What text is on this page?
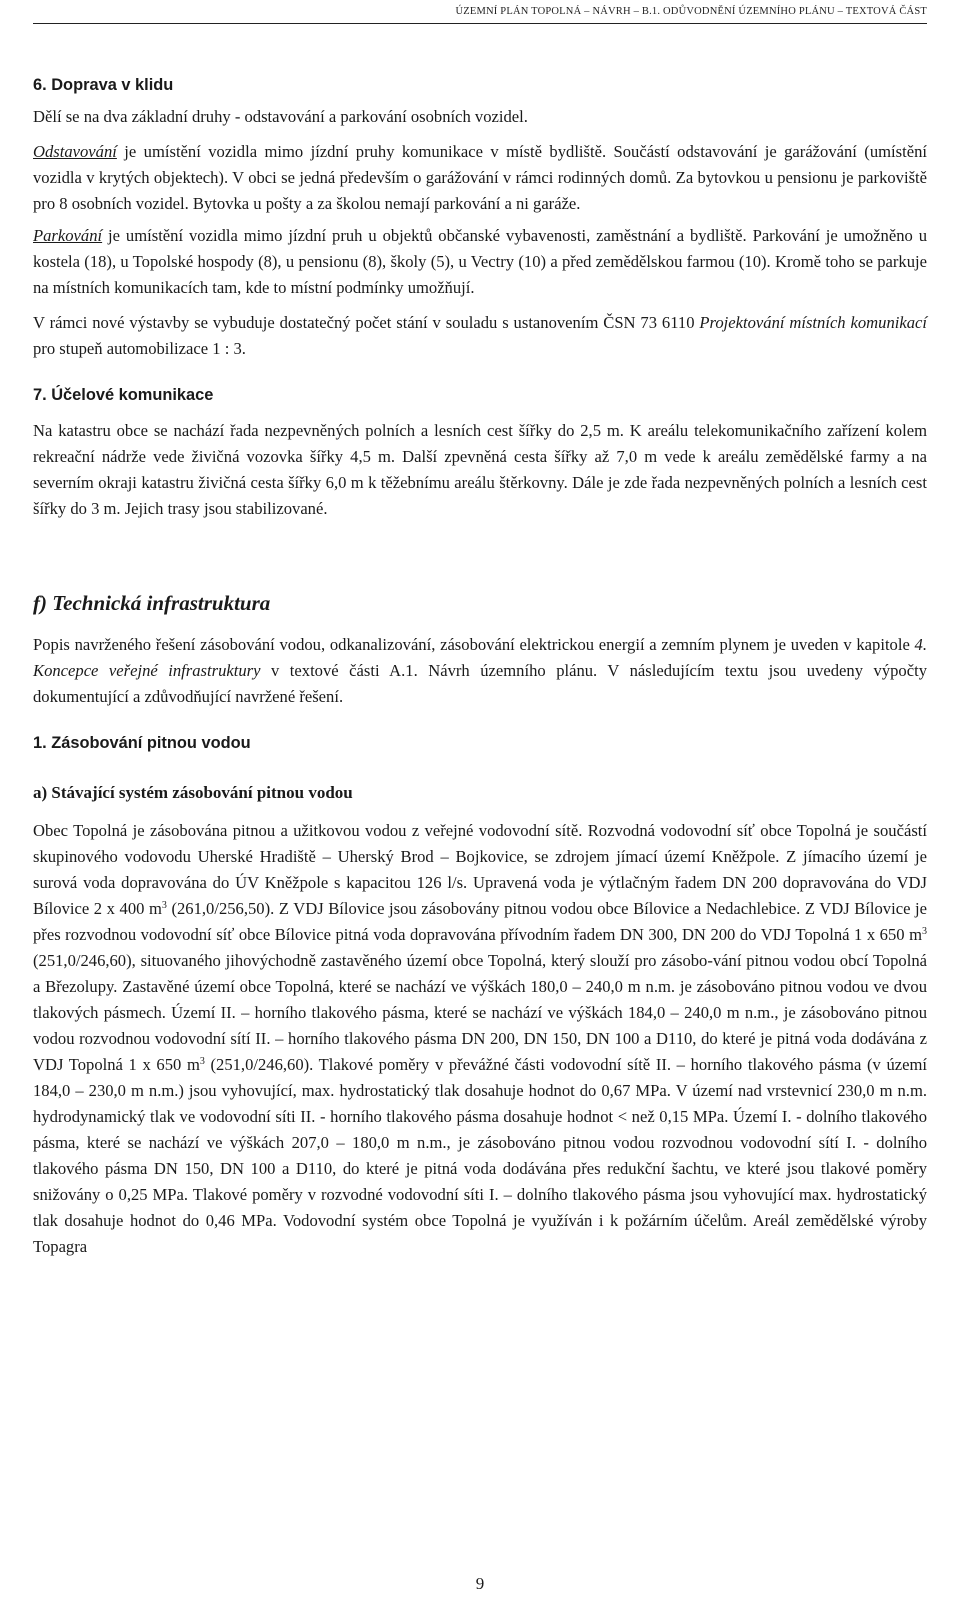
ÚZEMNÍ PLÁN TOPOLNÁ – NÁVRH – B.1. ODŮVODNĚNÍ ÚZEMNÍHO PLÁNU – TEXTOVÁ ČÁST
6. Doprava v klidu

Dělí se na dva základní druhy - odstavování a parkování osobních vozidel.

Odstavování je umístění vozidla mimo jízdní pruhy komunikace v místě bydliště. Součástí odstavování je garážování (umístění vozidla v krytých objektech). V obci se jedná především o garážování v rámci rodinných domů. Za bytovkou u pensionu je parkoviště pro 8 osobních vozidel. Bytovka u pošty a za školou nemají parkování a ni garáže.

Parkování je umístění vozidla mimo jízdní pruh u objektů občanské vybavenosti, zaměstnání a bydliště. Parkování je umožněno u kostela (18), u Topolské hospody (8), u pensionu (8), školy (5), u Vectry (10) a před zemědělskou farmou (10). Kromě toho se parkuje na místních komunikacích tam, kde to místní podmínky umožňují.

V rámci nové výstavby se vybuduje dostatečný počet stání v souladu s ustanovením ČSN 73 6110 Projektování místních komunikací pro stupeň automobilizace 1 : 3.

7. Účelové komunikace

Na katastru obce se nachází řada nezpevněných polních a lesních cest šířky do 2,5 m. K areálu telekomunikačního zařízení kolem rekreační nádrže vede živičná vozovka šířky 4,5 m. Další zpevněná cesta šířky až 7,0 m vede k areálu zemědělské farmy a na severním okraji katastru živičná cesta šířky 6,0 m k těžebnímu areálu štěrkovny. Dále je zde řada nezpevněných polních a lesních cest šířky do 3 m. Jejich trasy jsou stabilizované.

f) Technická infrastruktura

Popis navrženého řešení zásobování vodou, odkanalizování, zásobování elektrickou energií a zemním plynem je uveden v kapitole 4. Koncepce veřejné infrastruktury v textové části A.1. Návrh územního plánu. V následujícím textu jsou uvedeny výpočty dokumentující a zdůvodňující navržené řešení.

1. Zásobování pitnou vodou
a) Stávající systém zásobování pitnou vodou

Obec Topolná je zásobována pitnou a užitkovou vodou z veřejné vodovodní sítě. Rozvodná vodovodní síť obce Topolná je součástí skupinového vodovodu Uherské Hradiště – Uherský Brod – Bojkovice, se zdrojem jímací území Kněžpole. Z jímacího území je surová voda dopravována do ÚV Kněžpole s kapacitou 126 l/s. Upravená voda je výtlačným řadem DN 200 dopravována do VDJ Bílovice 2 x 400 $m^3$ (261,0/256,50). Z VDJ Bílovice jsou zásobovány pitnou vodou obce Bílovice a Nedachlebice. Z VDJ Bílovice je přes rozvodnou vodovodní síť obce Bílovice pitná voda dopravována přívodním řadem DN 300, DN 200 do VDJ Topolná 1 x 650 $m^3$ (251,0/246,60), situovaného jihovýchodně zastavěného území obce Topolná, který slouží pro zásobo-vání pitnou vodou obcí Topolná a Březolupy. Zastavěné území obce Topolná, které se nachází ve výškách 180,0 – 240,0 m n.m. je zásobováno pitnou vodou ve dvou tlakových pásmech. Území II. – horního tlakového pásma, které se nachází ve výškách 184,0 – 240,0 m n.m., je zásobováno pitnou vodou rozvodnou vodovodní sítí II. – horního tlakového pásma DN 200, DN 150, DN 100 a D110, do které je pitná voda dodávána z VDJ Topolná 1 x 650 $m^3$ (251,0/246,60). Tlakové poměry v převážné části vodovodní sítě II. – horního tlakového pásma (v území 184,0 – 230,0 m n.m.) jsou vyhovující, max. hydrostatický tlak dosahuje hodnot do 0,67 MPa. V území nad vrstevnicí 230,0 m n.m. hydrodynamický tlak ve vodovodní síti II. - horního tlakového pásma dosahuje hodnot < než 0,15 MPa. Území I. - dolního tlakového pásma, které se nachází ve výškách 207,0 – 180,0 m n.m., je zásobováno pitnou vodou rozvodnou vodovodní sítí I. - dolního tlakového pásma DN 150, DN 100 a D110, do které je pitná voda dodávána přes redukční šachtu, ve které jsou tlakové poměry snižovány o 0,25 MPa. Tlakové poměry v rozvodné vodovodní síti I. – dolního tlakového pásma jsou vyhovující max. hydrostatický tlak dosahuje hodnot do 0,46 MPa. Vodovodní systém obce Topolná je využíván i k požárním účelům. Areál zemědělské výroby Topagra

9
